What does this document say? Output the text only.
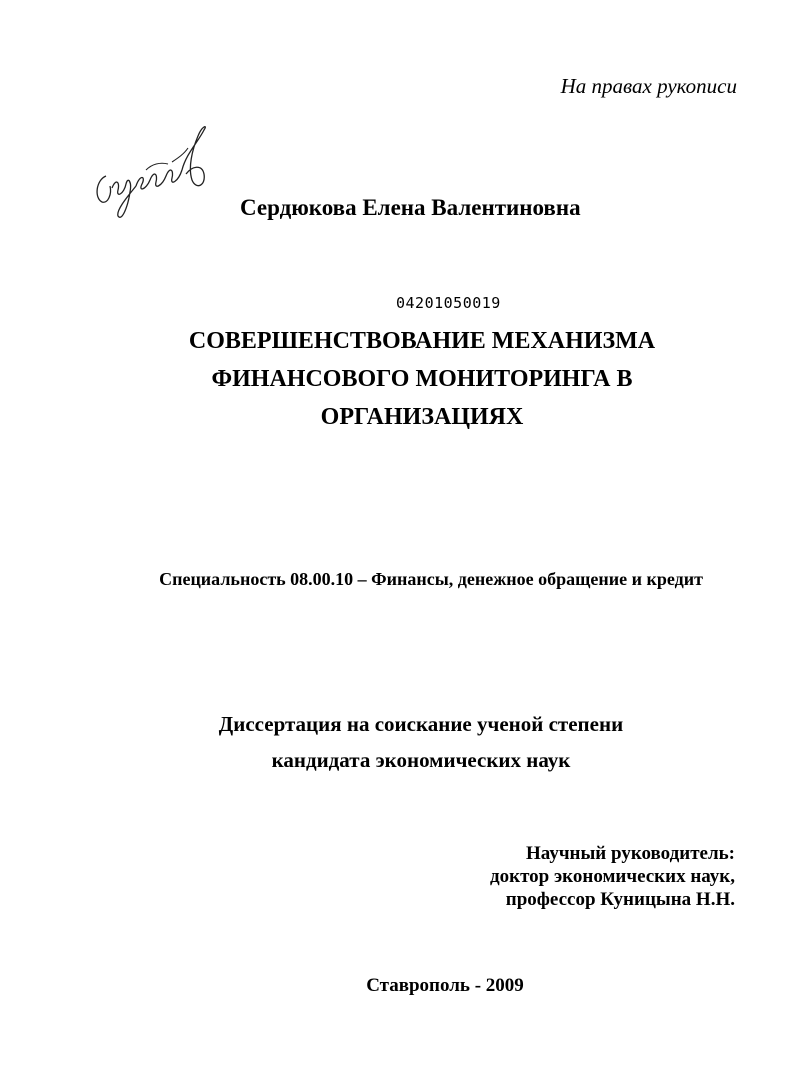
На правах рукописи
Сердюкова Елена Валентиновна
04201050019
СОВЕРШЕНСТВОВАНИЕ МЕХАНИЗМА
ФИНАНСОВОГО МОНИТОРИНГА В
ОРГАНИЗАЦИЯХ
Специальность 08.00.10 – Финансы, денежное обращение и кредит
Диссертация на соискание ученой степени
кандидата экономических наук
Научный руководитель:
доктор экономических наук,
профессор Куницына Н.Н.
Ставрополь - 2009
